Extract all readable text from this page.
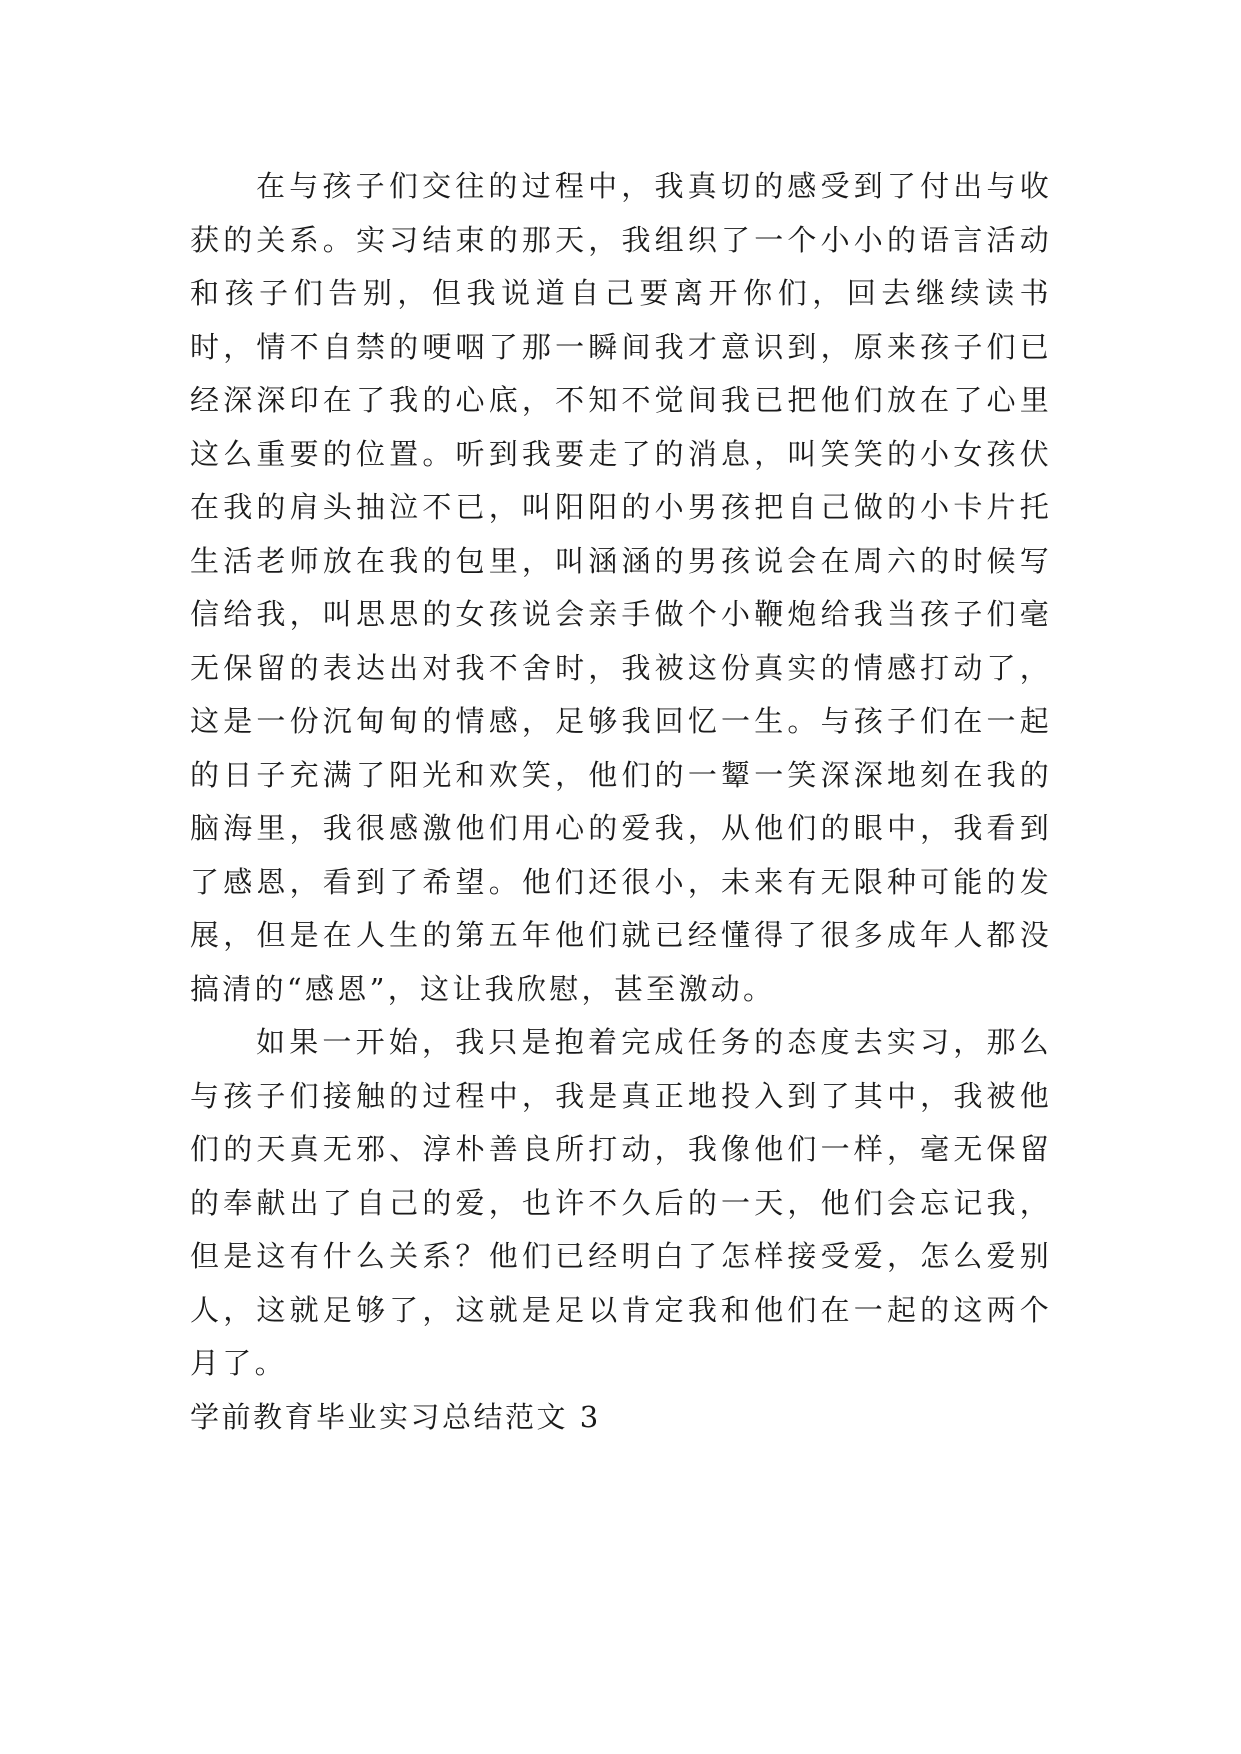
在与孩子们交往的过程中，我真切的感受到了付出与收获的关系。实习结束的那天，我组织了一个小小的语言活动和孩子们告别，但我说道自己要离开你们，回去继续读书时，情不自禁的哽咽了那一瞬间我才意识到，原来孩子们已经深深印在了我的心底，不知不觉间我已把他们放在了心里这么重要的位置。听到我要走了的消息，叫笑笑的小女孩伏在我的肩头抽泣不已，叫阳阳的小男孩把自己做的小卡片托生活老师放在我的包里，叫涵涵的男孩说会在周六的时候写信给我，叫思思的女孩说会亲手做个小鞭炮给我当孩子们毫无保留的表达出对我不舍时，我被这份真实的情感打动了，这是一份沉甸甸的情感，足够我回忆一生。与孩子们在一起的日子充满了阳光和欢笑，他们的一颦一笑深深地刻在我的脑海里，我很感激他们用心的爱我，从他们的眼中，我看到了感恩，看到了希望。他们还很小，未来有无限种可能的发展，但是在人生的第五年他们就已经懂得了很多成年人都没搞清的“感恩”，这让我欣慰，甚至激动。

如果一开始，我只是抱着完成任务的态度去实习，那么与孩子们接触的过程中，我是真正地投入到了其中，我被他们的天真无邪、淳朴善良所打动，我像他们一样，毫无保留的奉献出了自己的爱，也许不久后的一天，他们会忘记我，但是这有什么关系？他们已经明白了怎样接受爱，怎么爱别人，这就足够了，这就是足以肯定我和他们在一起的这两个月了。

学前教育毕业实习总结范文 3
